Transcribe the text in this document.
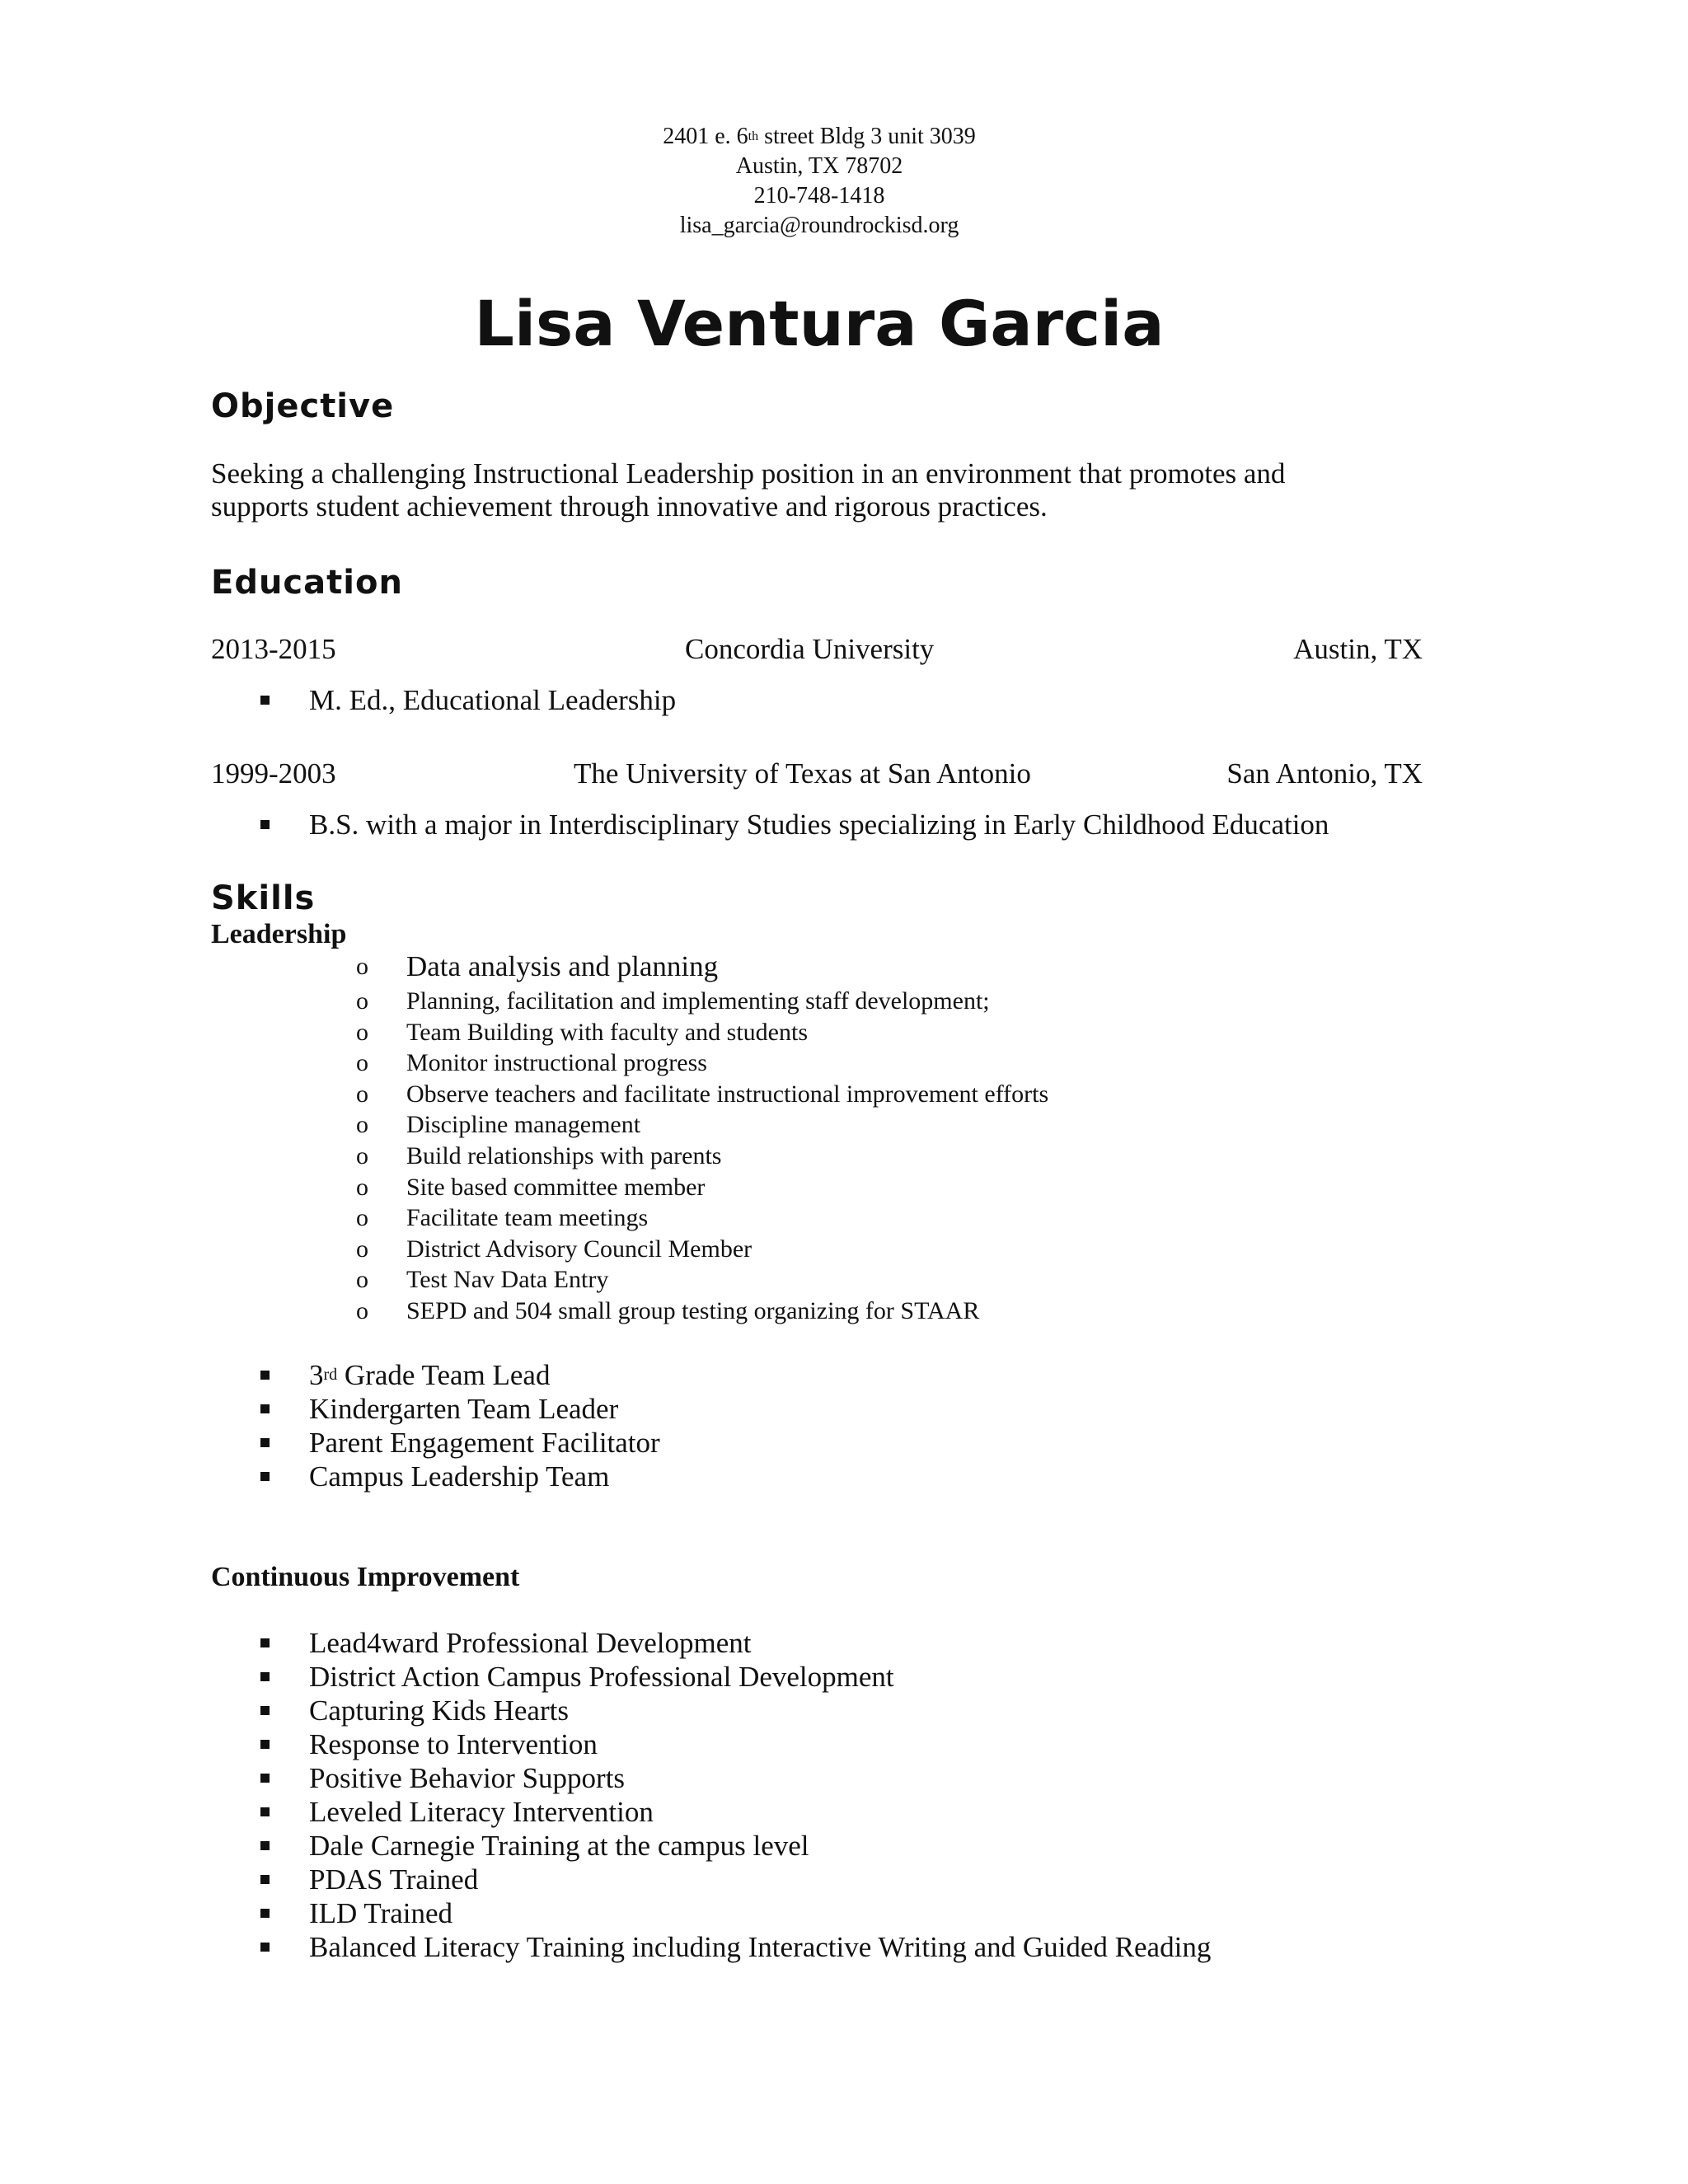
2401 e. 6th street Bldg 3 unit 3039
Austin, TX 78702
210-748-1418
lisa_garcia@roundrockisd.org
Lisa Ventura Garcia
Objective
Seeking a challenging Instructional Leadership position in an environment that promotes and
supports student achievement through innovative and rigorous practices.
Education
2013-2015	Concordia University	Austin, TX
M. Ed., Educational Leadership
1999-2003	The University of Texas at San Antonio	San Antonio, TX
B.S. with a major in Interdisciplinary Studies specializing in Early Childhood Education
Skills
Leadership
o Data analysis and planning
o Planning, facilitation and implementing staff development;
o Team Building with faculty and students
o Monitor instructional progress
o Observe teachers and facilitate instructional improvement efforts
o Discipline management
o Build relationships with parents
o Site based committee member
o Facilitate team meetings
o District Advisory Council Member
o Test Nav Data Entry
o SEPD and 504 small group testing organizing for STAAR
3rd Grade Team Lead
Kindergarten Team Leader
Parent Engagement Facilitator
Campus Leadership Team
Continuous Improvement
Lead4ward Professional Development
District Action Campus Professional Development
Capturing Kids Hearts
Response to Intervention
Positive Behavior Supports
Leveled Literacy Intervention
Dale Carnegie Training at the campus level
PDAS Trained
ILD Trained
Balanced Literacy Training including Interactive Writing and Guided Reading
